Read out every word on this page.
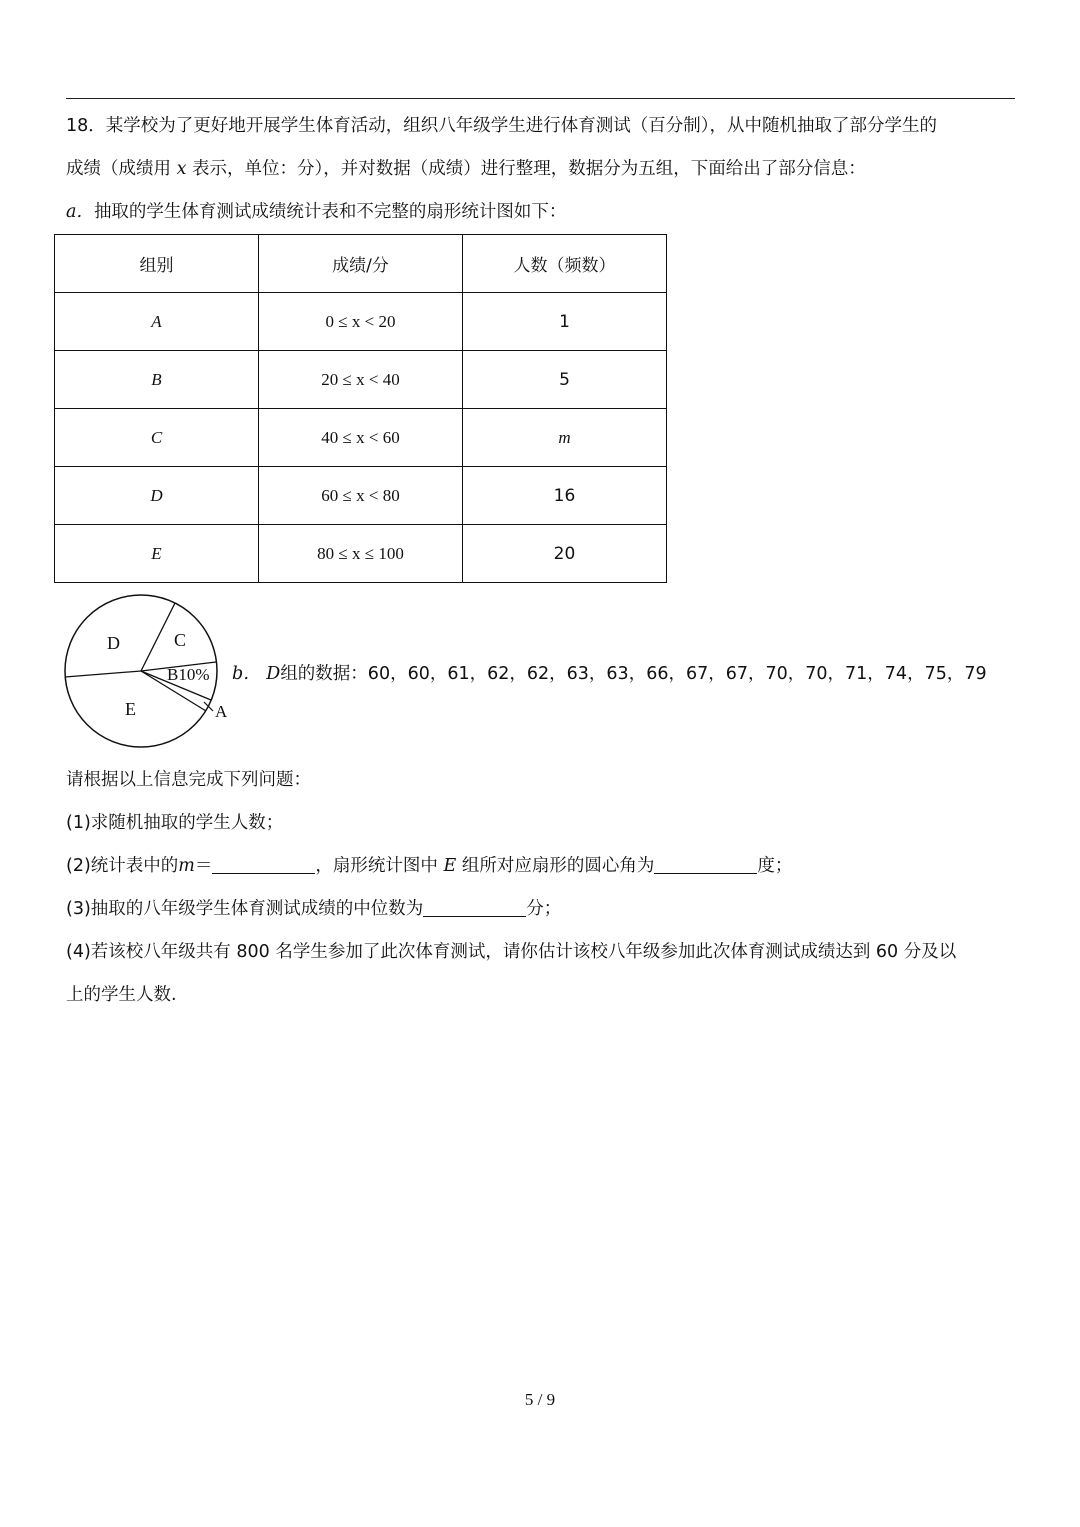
18．某学校为了更好地开展学生体育活动，组织八年级学生进行体育测试（百分制），从中随机抽取了部分学生的
成绩（成绩用 x 表示，单位：分），并对数据（成绩）进行整理，数据分为五组，下面给出了部分信息：
a．抽取的学生体育测试成绩统计表和不完整的扇形统计图如下：
组别	成绩/分	人数（频数）
A	0 ≤ x < 20	1
B	20 ≤ x < 40	5
C	40 ≤ x < 60	m
D	60 ≤ x < 80	16
E	80 ≤ x ≤ 100	20
D	C
B10%
E	A
b． D组的数据：60，60，61，62，62，63，63，66，67，67，70，70，71，74，75，79
请根据以上信息完成下列问题：
(1)求随机抽取的学生人数；
(2)统计表中的m＝	，扇形统计图中 E 组所对应扇形的圆心角为	度；
(3)抽取的八年级学生体育测试成绩的中位数为	分；
(4)若该校八年级共有 800 名学生参加了此次体育测试，请你估计该校八年级参加此次体育测试成绩达到 60 分及以
上的学生人数.
5 / 9
